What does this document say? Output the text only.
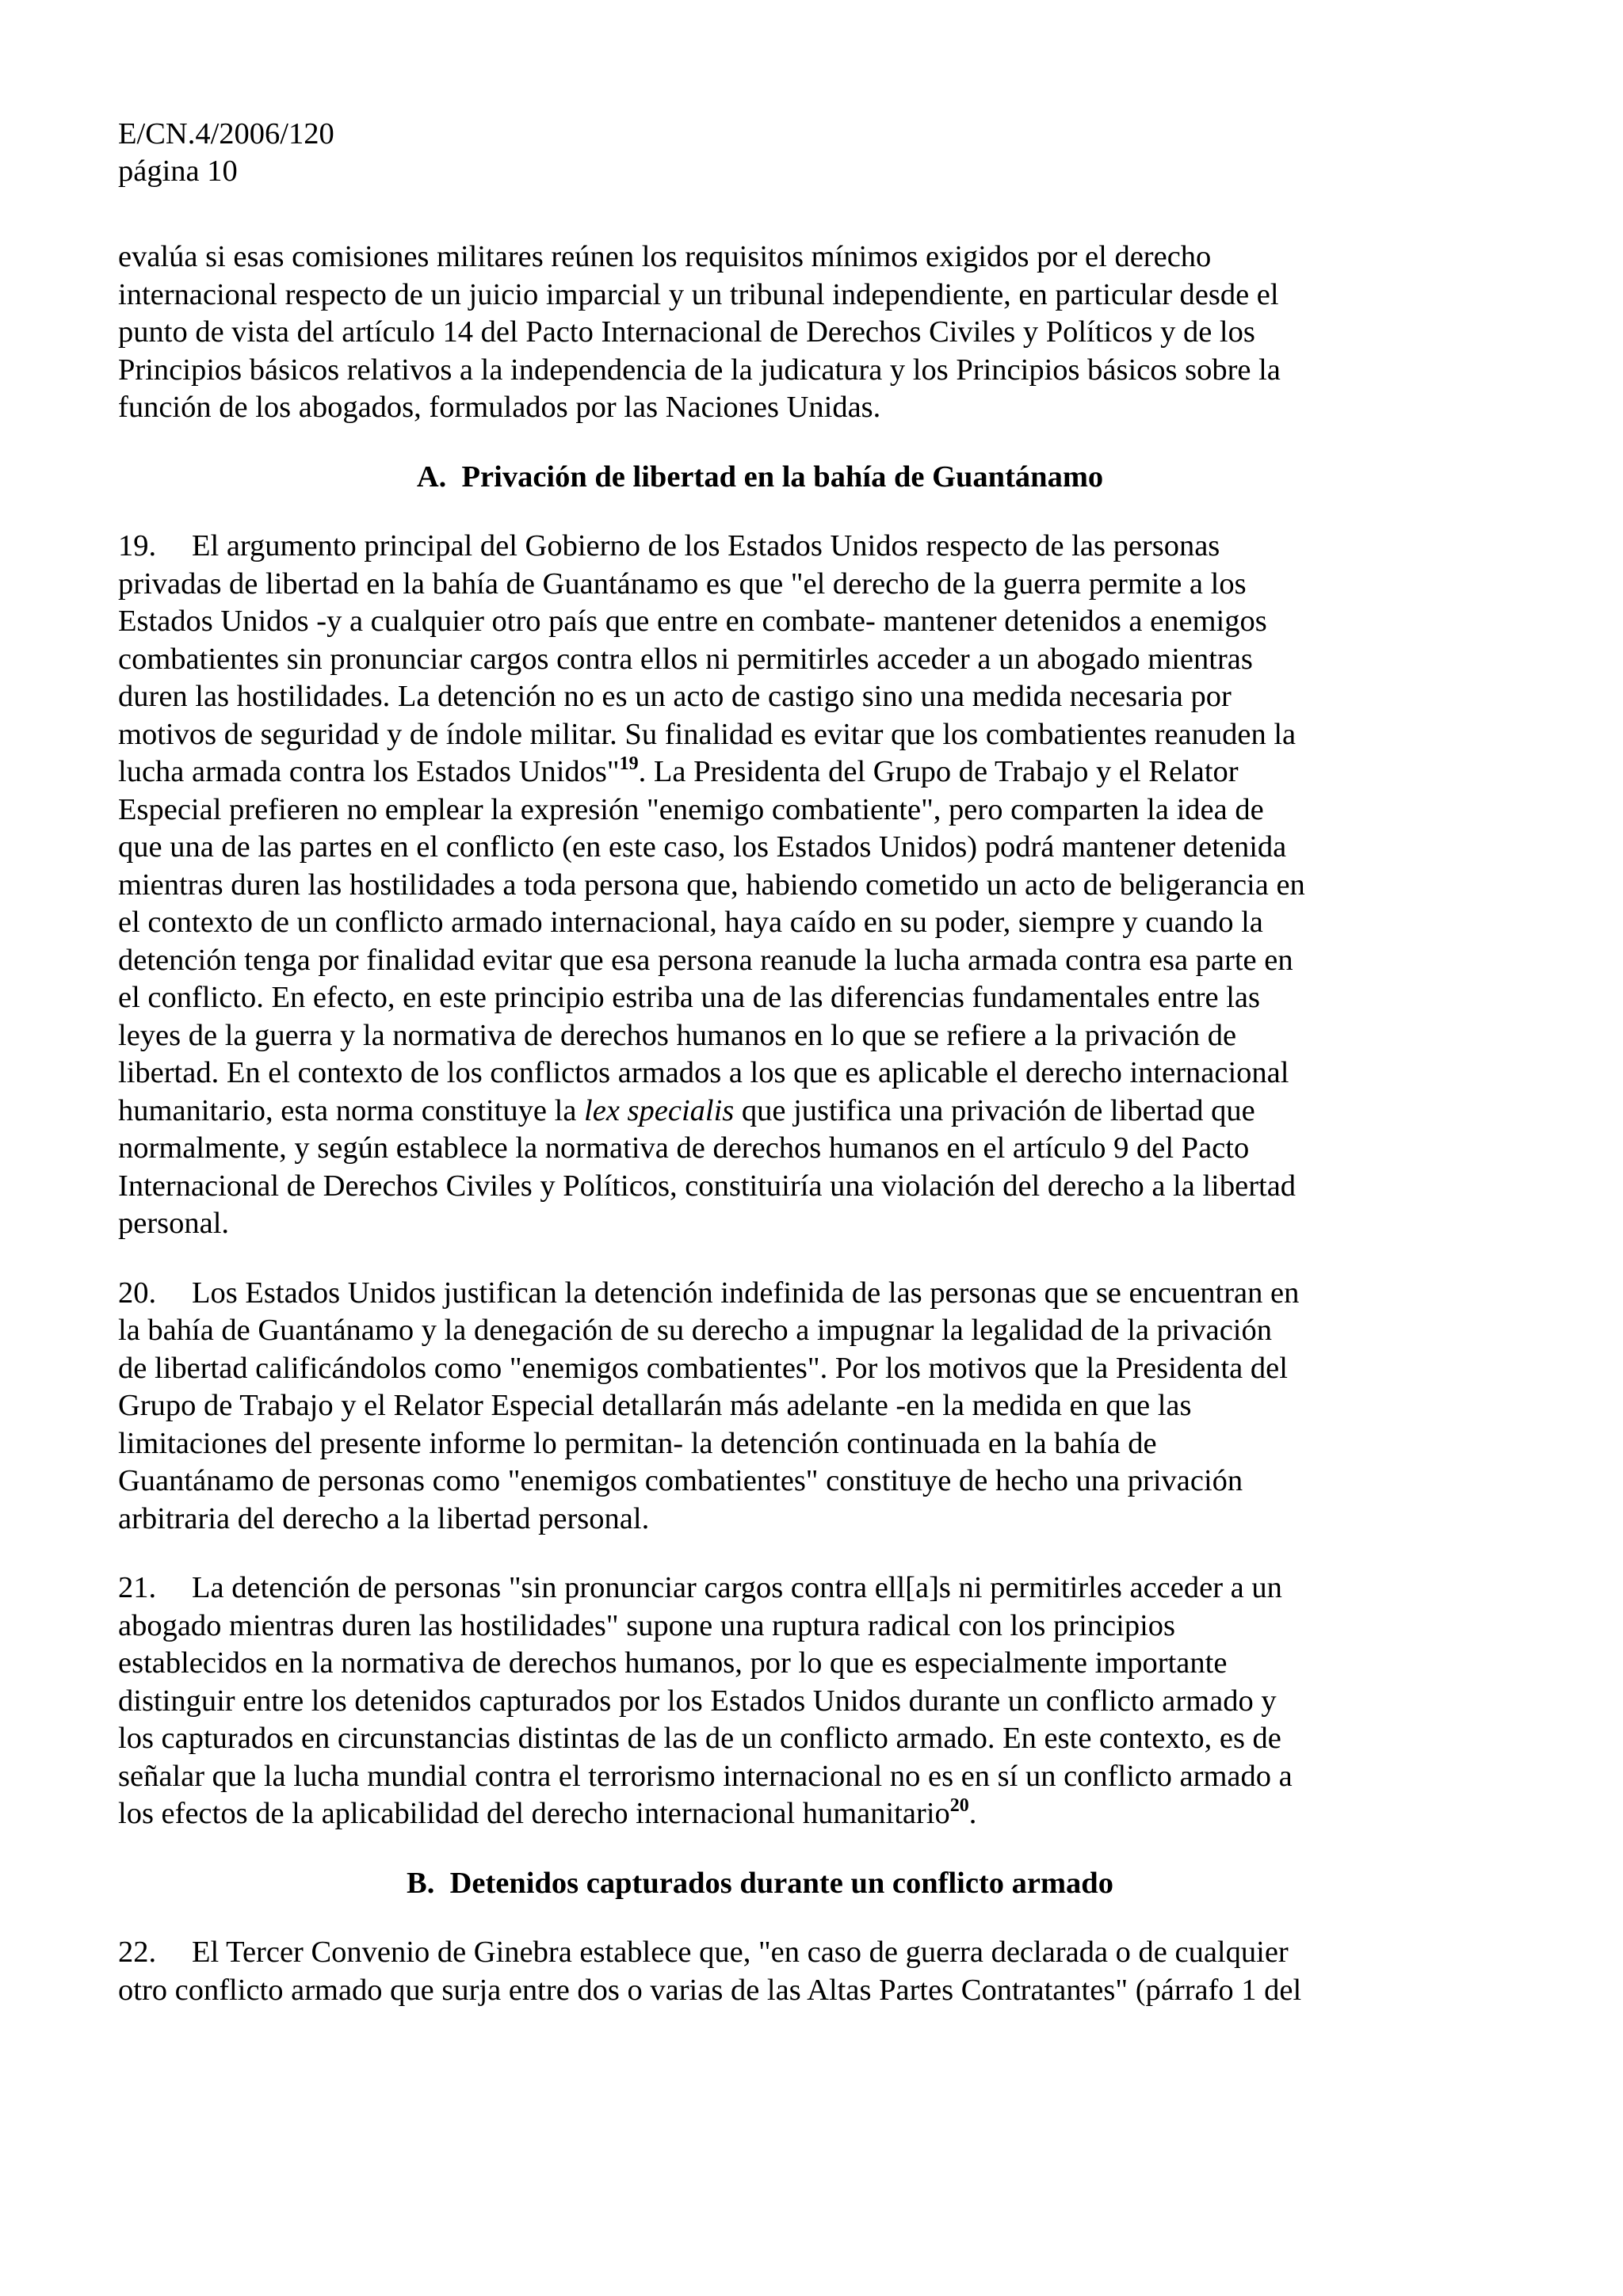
E/CN.4/2006/120
página 10
evalúa si esas comisiones militares reúnen los requisitos mínimos exigidos por el derecho
internacional respecto de un juicio imparcial y un tribunal independiente, en particular desde el
punto de vista del artículo 14 del Pacto Internacional de Derechos Civiles y Políticos y de los
Principios básicos relativos a la independencia de la judicatura y los Principios básicos sobre la
función de los abogados, formulados por las Naciones Unidas.
A.  Privación de libertad en la bahía de Guantánamo
19. El argumento principal del Gobierno de los Estados Unidos respecto de las personas
privadas de libertad en la bahía de Guantánamo es que "el derecho de la guerra permite a los
Estados Unidos -y a cualquier otro país que entre en combate- mantener detenidos a enemigos
combatientes sin pronunciar cargos contra ellos ni permitirles acceder a un abogado mientras
duren las hostilidades. La detención no es un acto de castigo sino una medida necesaria por
motivos de seguridad y de índole militar. Su finalidad es evitar que los combatientes reanuden la
lucha armada contra los Estados Unidos"$^{19}$. La Presidenta del Grupo de Trabajo y el Relator
Especial prefieren no emplear la expresión "enemigo combatiente", pero comparten la idea de
que una de las partes en el conflicto (en este caso, los Estados Unidos) podrá mantener detenida
mientras duren las hostilidades a toda persona que, habiendo cometido un acto de beligerancia en
el contexto de un conflicto armado internacional, haya caído en su poder, siempre y cuando la
detención tenga por finalidad evitar que esa persona reanude la lucha armada contra esa parte en
el conflicto. En efecto, en este principio estriba una de las diferencias fundamentales entre las
leyes de la guerra y la normativa de derechos humanos en lo que se refiere a la privación de
libertad. En el contexto de los conflictos armados a los que es aplicable el derecho internacional
humanitario, esta norma constituye la lex specialis que justifica una privación de libertad que
normalmente, y según establece la normativa de derechos humanos en el artículo 9 del Pacto
Internacional de Derechos Civiles y Políticos, constituiría una violación del derecho a la libertad
personal.
20. Los Estados Unidos justifican la detención indefinida de las personas que se encuentran en
la bahía de Guantánamo y la denegación de su derecho a impugnar la legalidad de la privación
de libertad calificándolos como "enemigos combatientes". Por los motivos que la Presidenta del
Grupo de Trabajo y el Relator Especial detallarán más adelante -en la medida en que las
limitaciones del presente informe lo permitan- la detención continuada en la bahía de
Guantánamo de personas como "enemigos combatientes" constituye de hecho una privación
arbitraria del derecho a la libertad personal.
21. La detención de personas "sin pronunciar cargos contra ell[a]s ni permitirles acceder a un
abogado mientras duren las hostilidades" supone una ruptura radical con los principios
establecidos en la normativa de derechos humanos, por lo que es especialmente importante
distinguir entre los detenidos capturados por los Estados Unidos durante un conflicto armado y
los capturados en circunstancias distintas de las de un conflicto armado. En este contexto, es de
señalar que la lucha mundial contra el terrorismo internacional no es en sí un conflicto armado a
los efectos de la aplicabilidad del derecho internacional humanitario$^{20}$.
B.  Detenidos capturados durante un conflicto armado
22. El Tercer Convenio de Ginebra establece que, "en caso de guerra declarada o de cualquier
otro conflicto armado que surja entre dos o varias de las Altas Partes Contratantes" (párrafo 1 del
